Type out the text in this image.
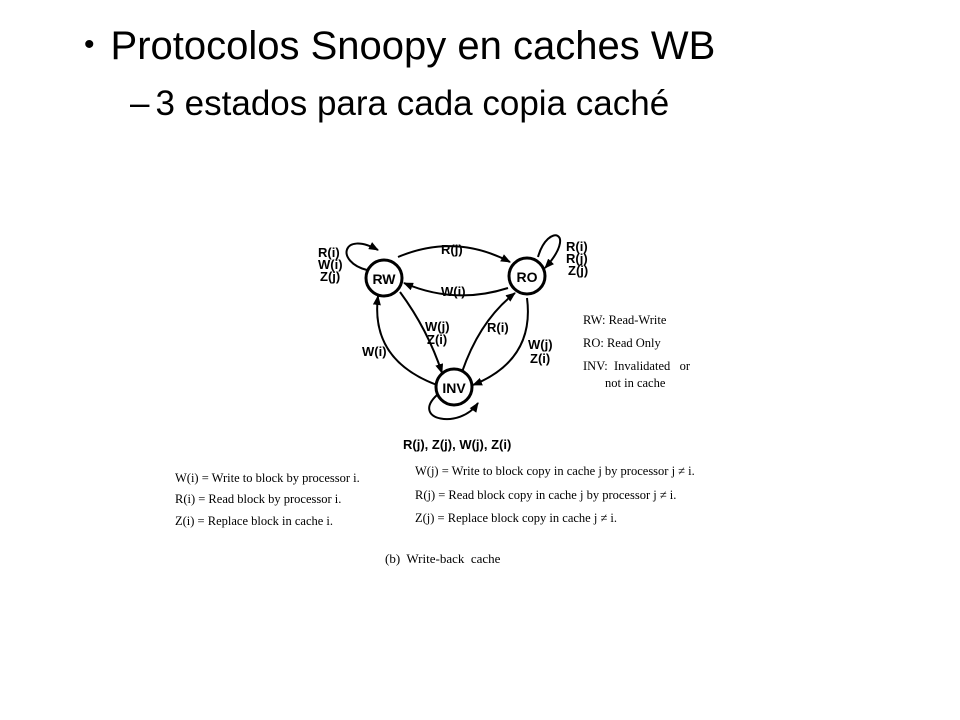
• Protocolos Snoopy en caches WB
– 3 estados para cada copia caché
RW	RO
INV
R(j)
W(i)
R(i)
W(i)
Z(j)
R(i)
R(j)
Z(j)
W(j)
Z(i)
W(i)
R(i)
W(j)
Z(i)
R(j), Z(j), W(j), Z(i)
RW: Read-Write
RO: Read Only
INV:  Invalidated   or
not in cache
W(i) = Write to block by processor i.
R(i) = Read block by processor i.
Z(i) = Replace block in cache i.
W(j) = Write to block copy in cache j by processor j ≠ i.
R(j) = Read block copy in cache j by processor j ≠ i.
Z(j) = Replace block copy in cache j ≠ i.
(b)  Write-back  cache
